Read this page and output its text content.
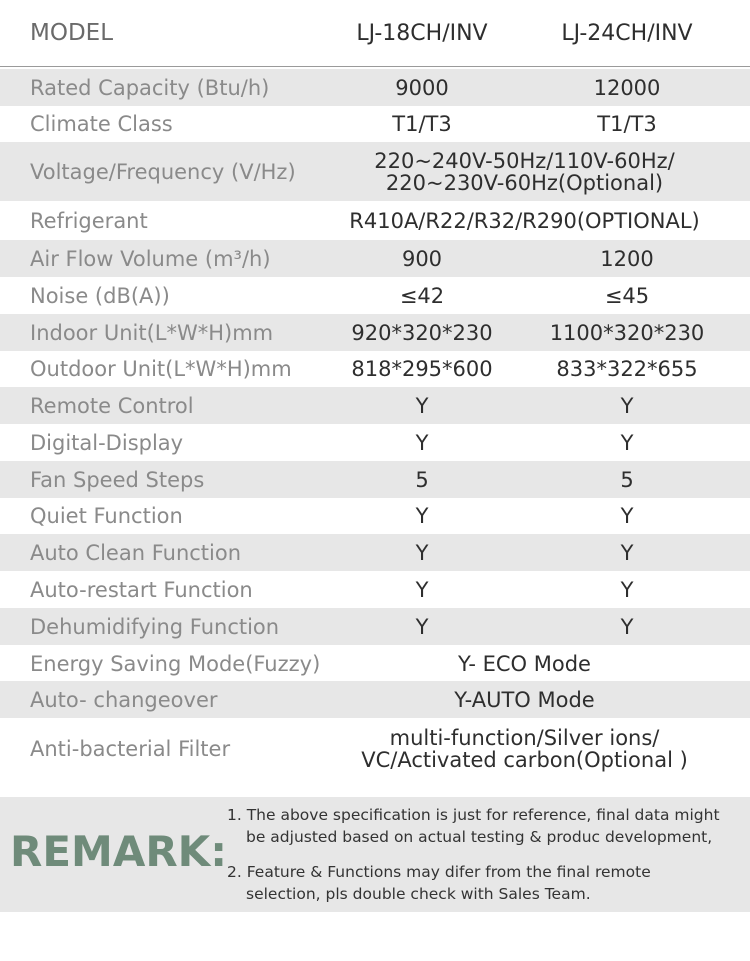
MODEL	LJ-18CH/INV	LJ-24CH/INV
Rated Capacity (Btu/h)	9000	12000
Climate Class	T1/T3	T1/T3
Voltage/Frequency (V/Hz)	220~240V-50Hz/110V-60Hz/
220~230V-60Hz(Optional)
Refrigerant	R410A/R22/R32/R290(OPTIONAL)
Air Flow Volume (m³/h)	900	1200
Noise (dB(A))	≤42	≤45
Indoor Unit(L*W*H)mm	920*320*230	1100*320*230
Outdoor Unit(L*W*H)mm	818*295*600	833*322*655
Remote Control	Y	Y
Digital-Display	Y	Y
Fan Speed Steps	5	5
Quiet Function	Y	Y
Auto Clean Function	Y	Y
Auto-restart Function	Y	Y
Dehumidifying Function	Y	Y
Energy Saving Mode(Fuzzy)	Y- ECO Mode
Auto- changeover	Y-AUTO Mode
Anti-bacterial Filter	multi-function/Silver ions/
VC/Activated carbon(Optional )
REMARK:
1. The above specification is just for reference, final data might
be adjusted based on actual testing & produc development,
2. Feature & Functions may difer from the final remote
selection, pls double check with Sales Team.
